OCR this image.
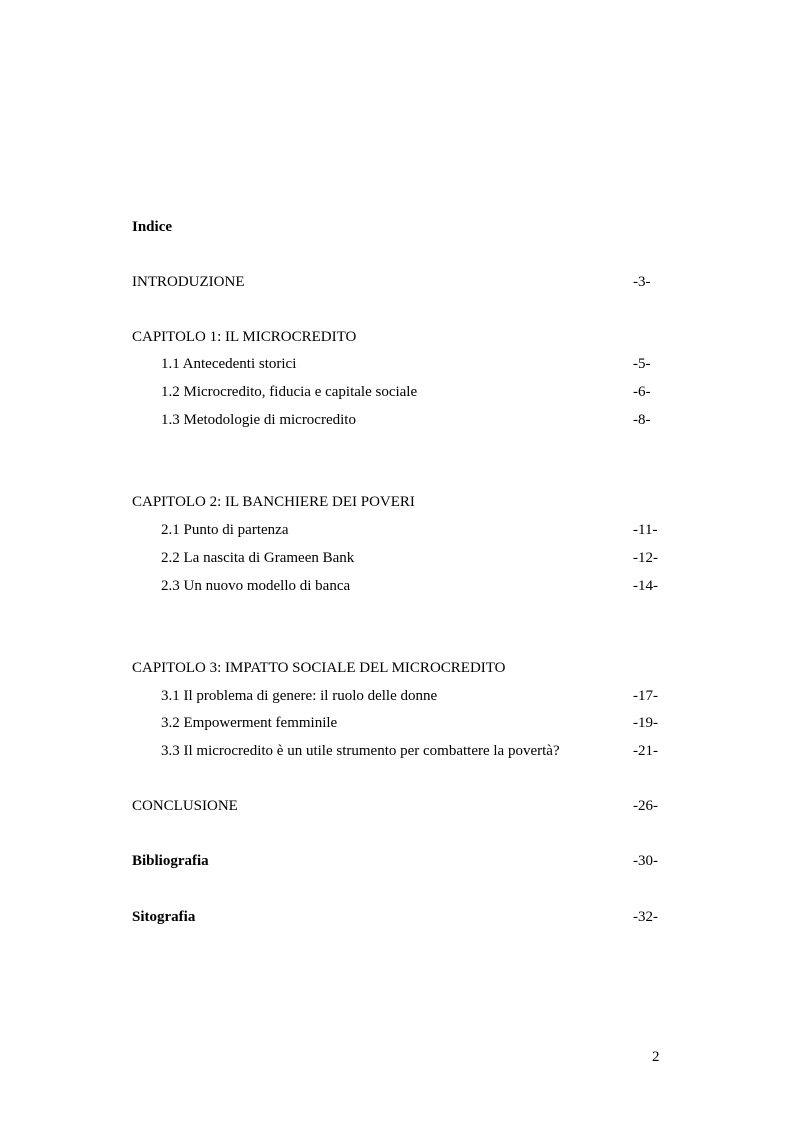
Indice
INTRODUZIONE	-3-
CAPITOLO 1: IL MICROCREDITO
1.1 Antecedenti storici	-5-
1.2 Microcredito, fiducia e capitale sociale	-6-
1.3 Metodologie di microcredito	-8-
CAPITOLO 2: IL BANCHIERE DEI POVERI
2.1 Punto di partenza	-11-
2.2 La nascita di Grameen Bank	-12-
2.3 Un nuovo modello di banca	-14-
CAPITOLO 3: IMPATTO SOCIALE DEL MICROCREDITO
3.1 Il problema di genere: il ruolo delle donne	-17-
3.2 Empowerment femminile	-19-
3.3 Il microcredito è un utile strumento per combattere la povertà?	-21-
CONCLUSIONE	-26-
Bibliografia	-30-
Sitografia	-32-
2
